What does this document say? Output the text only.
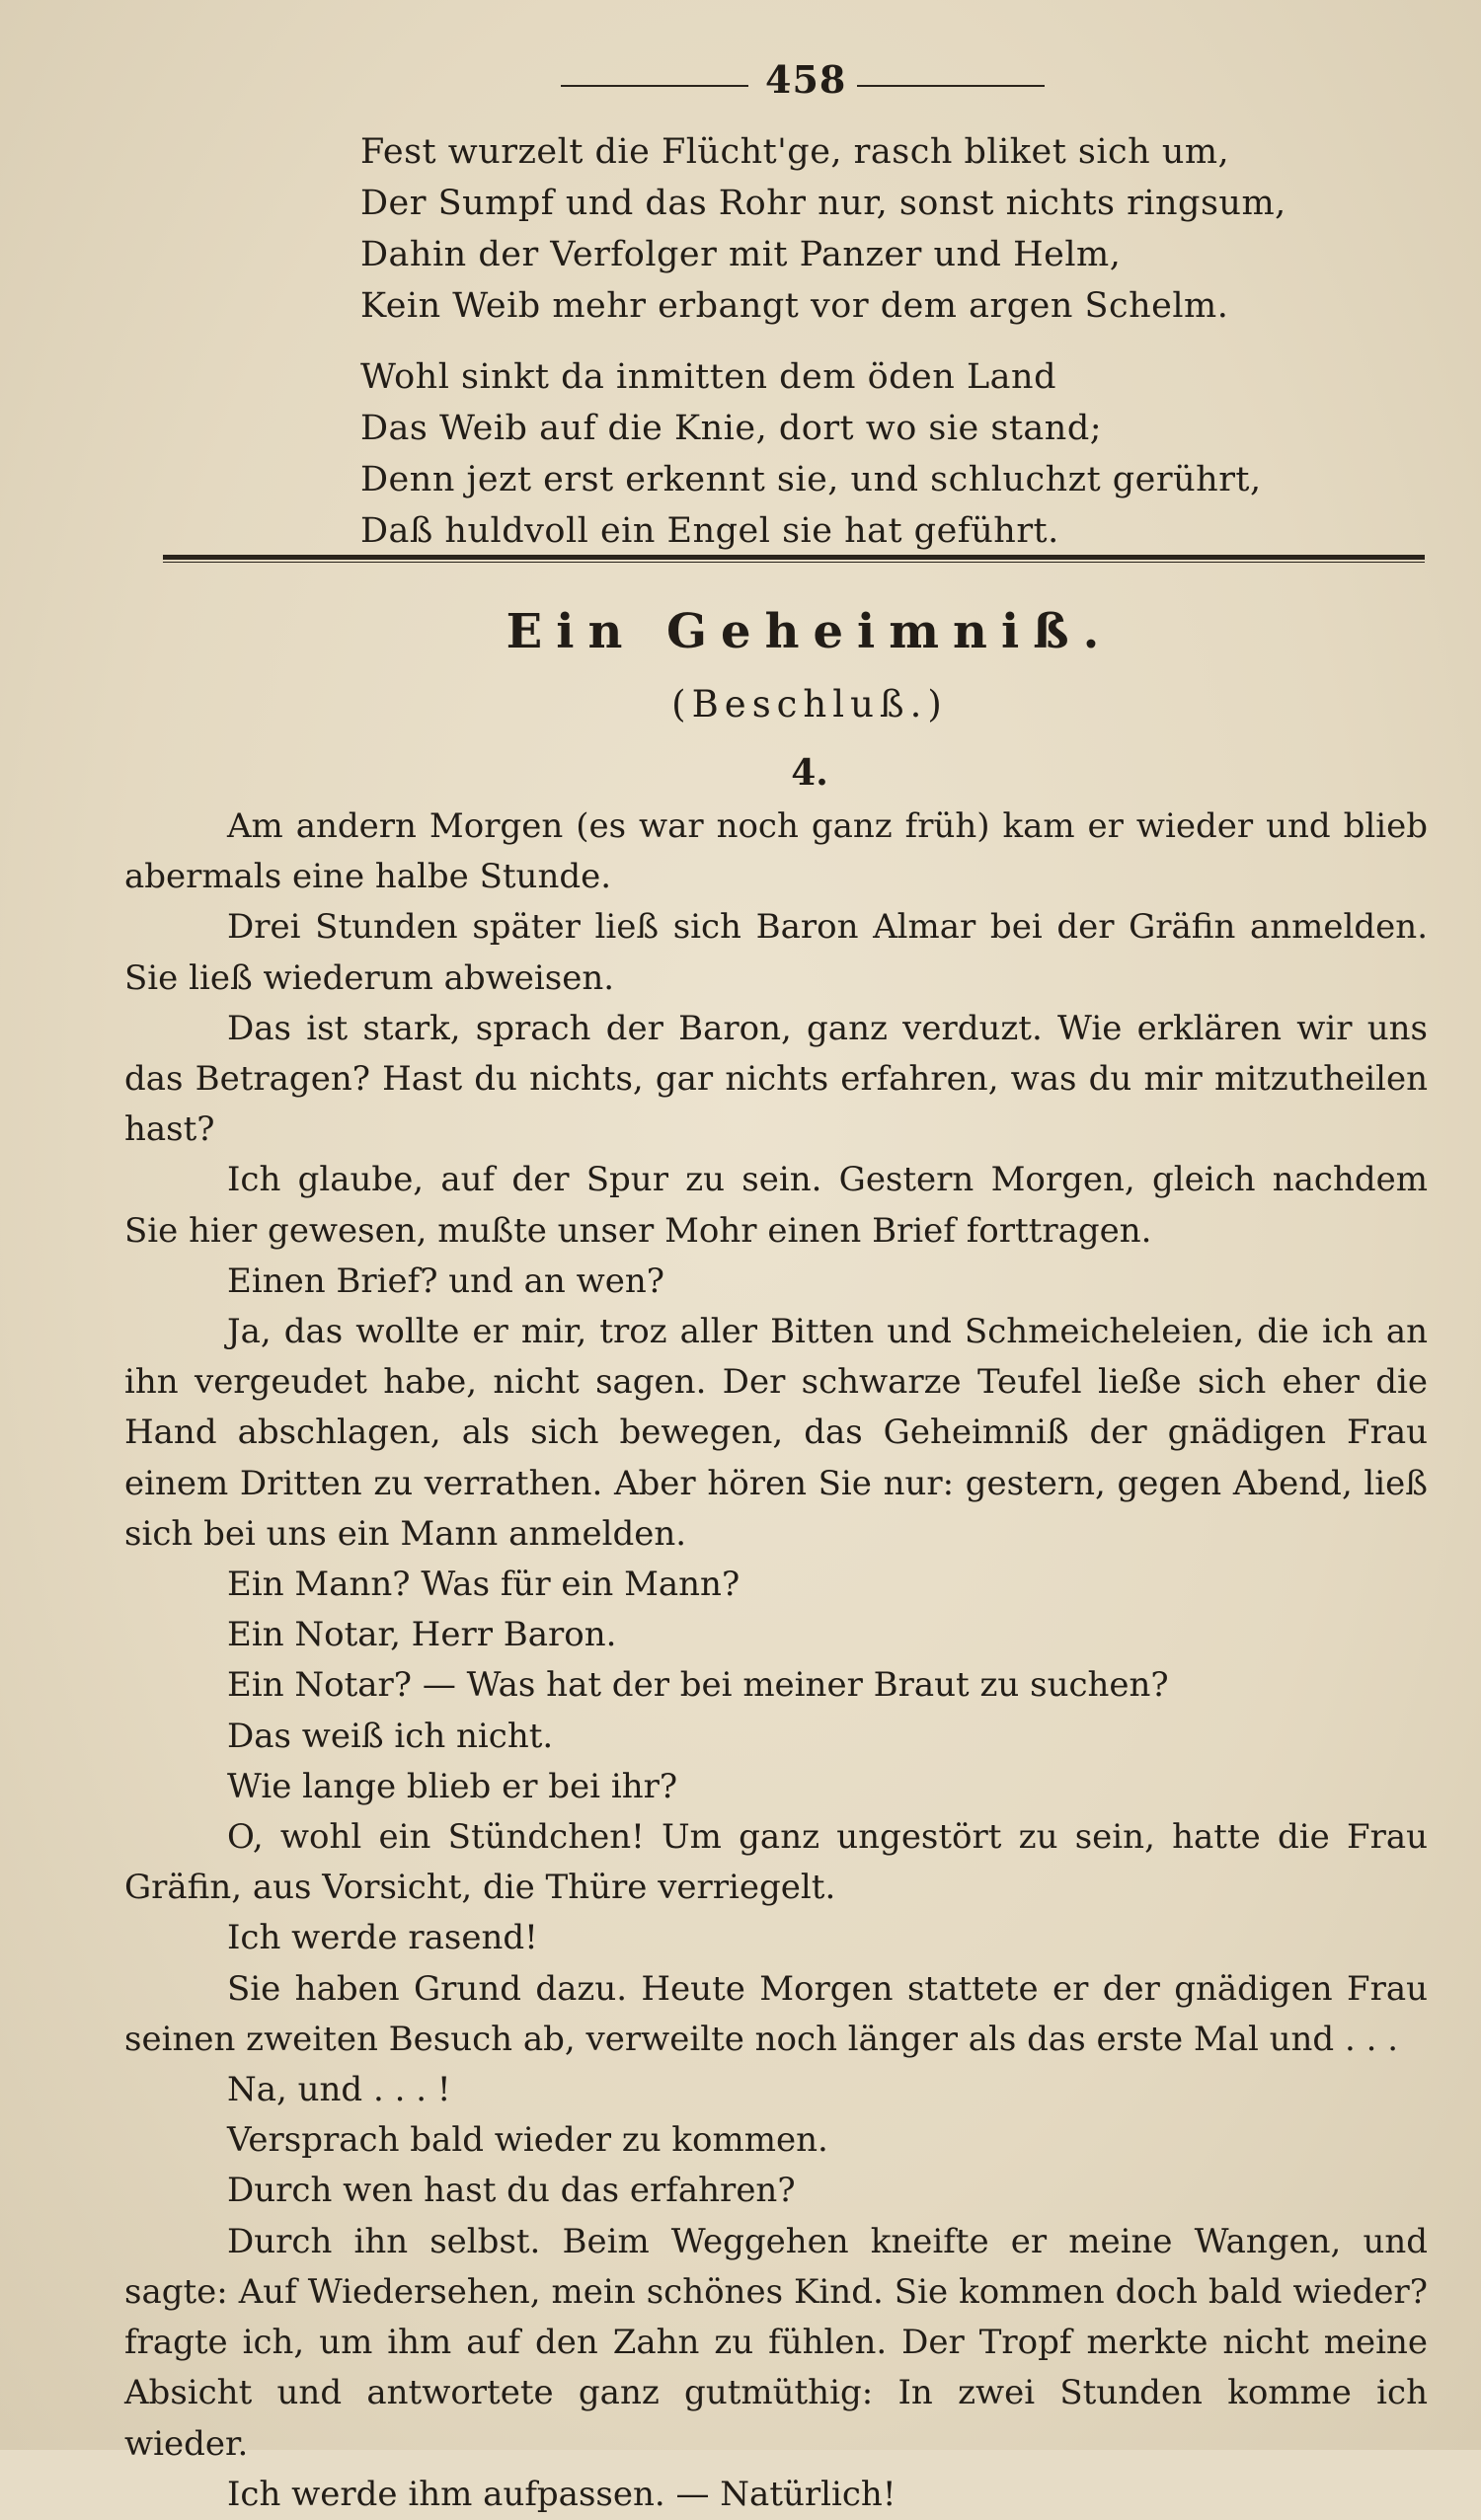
458
Fest wurzelt die Flücht'ge, rasch bliket sich um,
Der Sumpf und das Rohr nur, sonst nichts ringsum,
Dahin der Verfolger mit Panzer und Helm,
Kein Weib mehr erbangt vor dem argen Schelm.
Wohl sinkt da inmitten dem öden Land
Das Weib auf die Knie, dort wo sie stand;
Denn jezt erst erkennt sie, und schluchzt gerührt,
Daß huldvoll ein Engel sie hat geführt.
Ein Geheimniß.
(Beschluß.)
4.

Am andern Morgen (es war noch ganz früh) kam er wieder und blieb abermals eine halbe Stunde.

Drei Stunden später ließ sich Baron Almar bei der Gräfin anmelden. Sie ließ wiederum abweisen.

Das ist stark, sprach der Baron, ganz verduzt. Wie erklären wir uns das Betragen? Hast du nichts, gar nichts erfahren, was du mir mitzutheilen hast?

Ich glaube, auf der Spur zu sein. Gestern Morgen, gleich nachdem Sie hier gewesen, mußte unser Mohr einen Brief forttragen.

Einen Brief? und an wen?

Ja, das wollte er mir, troz aller Bitten und Schmeicheleien, die ich an ihn vergeudet habe, nicht sagen. Der schwarze Teufel ließe sich eher die Hand abschlagen, als sich bewegen, das Geheimniß der gnädigen Frau einem Dritten zu verrathen. Aber hören Sie nur: gestern, gegen Abend, ließ sich bei uns ein Mann anmelden.

Ein Mann? Was für ein Mann?

Ein Notar, Herr Baron.

Ein Notar? — Was hat der bei meiner Braut zu suchen?

Das weiß ich nicht.

Wie lange blieb er bei ihr?

O, wohl ein Stündchen! Um ganz ungestört zu sein, hatte die Frau Gräfin, aus Vorsicht, die Thüre verriegelt.

Ich werde rasend!

Sie haben Grund dazu. Heute Morgen stattete er der gnädigen Frau seinen zweiten Besuch ab, verweilte noch länger als das erste Mal und . . .

Na, und . . . !

Versprach bald wieder zu kommen.

Durch wen hast du das erfahren?

Durch ihn selbst. Beim Weggehen kneifte er meine Wangen, und sagte: Auf Wiedersehen, mein schönes Kind. Sie kommen doch bald wieder? fragte ich, um ihm auf den Zahn zu fühlen. Der Tropf merkte nicht meine Absicht und antwortete ganz gutmüthig: In zwei Stunden komme ich wieder.

Ich werde ihm aufpassen. — Natürlich!
